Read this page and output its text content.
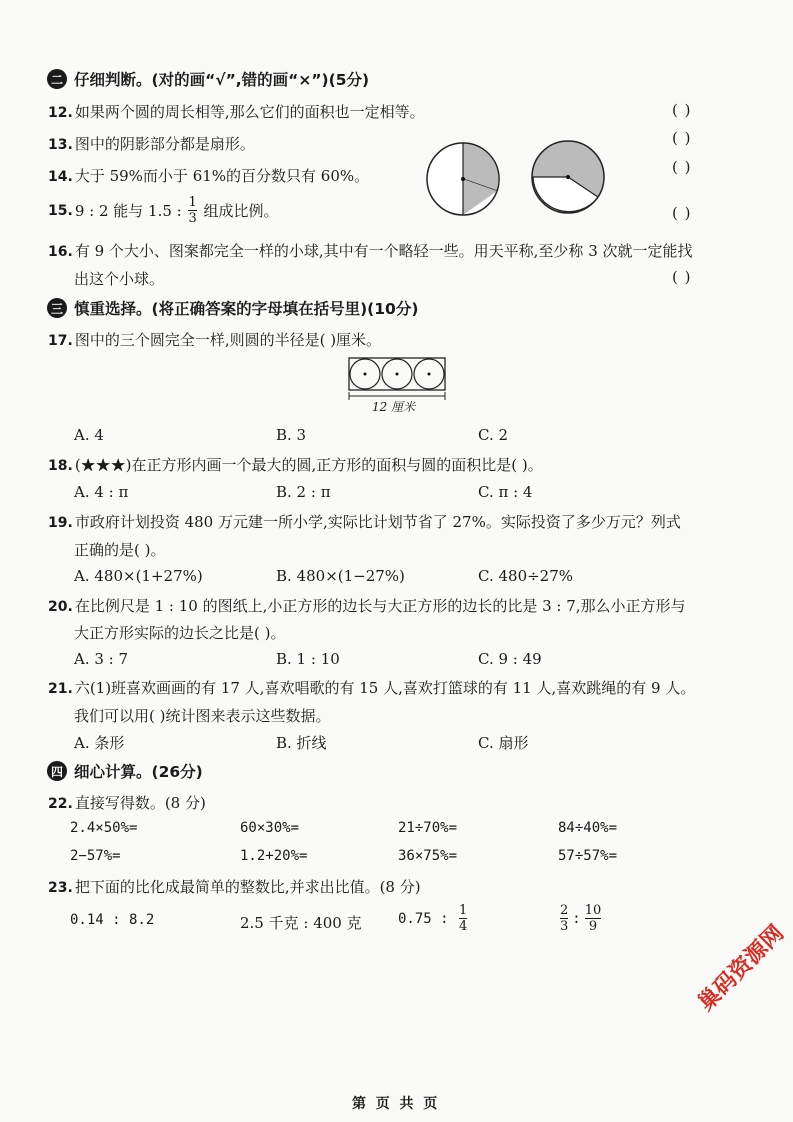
二 仔细判断。(对的画“√”,错的画“×”)(5分)
12. 如果两个圆的周长相等,那么它们的面积也一定相等。	( )
13. 图中的阴影部分都是扇形。	( )
14. 大于 59%而小于 61%的百分数只有 60%。	( )
15. 9 : 2 能与 1.5 : $\frac{1}{3}$ 组成比例。	( )
16. 有 9 个大小、图案都完全一样的小球,其中有一个略轻一些。用天平称,至少称 3 次就一定能找
出这个小球。	( )
三 慎重选择。(将正确答案的字母填在括号里)(10分)
17. 图中的三个圆完全一样,则圆的半径是( )厘米。
12 厘米
A. 4	B. 3	C. 2
18. (★★★)在正方形内画一个最大的圆,正方形的面积与圆的面积比是( )。
A. 4 : π	B. 2 : π	C. π : 4
19. 市政府计划投资 480 万元建一所小学,实际比计划节省了 27%。实际投资了多少万元？列式
正确的是( )。
A. 480×(1+27%)	B. 480×(1−27%)	C. 480÷27%
20. 在比例尺是 1 : 10 的图纸上,小正方形的边长与大正方形的边长的比是 3 : 7,那么小正方形与
大正方形实际的边长之比是( )。
A. 3 : 7	B. 1 : 10	C. 9 : 49
21. 六(1)班喜欢画画的有 17 人,喜欢唱歌的有 15 人,喜欢打篮球的有 11 人,喜欢跳绳的有 9 人。
我们可以用( )统计图来表示这些数据。
A. 条形	B. 折线	C. 扇形
四 细心计算。(26分)
22. 直接写得数。(8 分)
2.4×50%=	60×30%=	21÷70%=	84÷40%=
2−57%=	1.2+20%=	36×75%=	57÷57%=
23. 把下面的比化成最简单的整数比,并求出比值。(8 分)
0.14 : 8.2	2.5 千克 : 400 克	0.75 : $\frac{1}{4}$	$\frac{2}{3}$ : $\frac{10}{9}$
巢码资源网
第  页  共  页
